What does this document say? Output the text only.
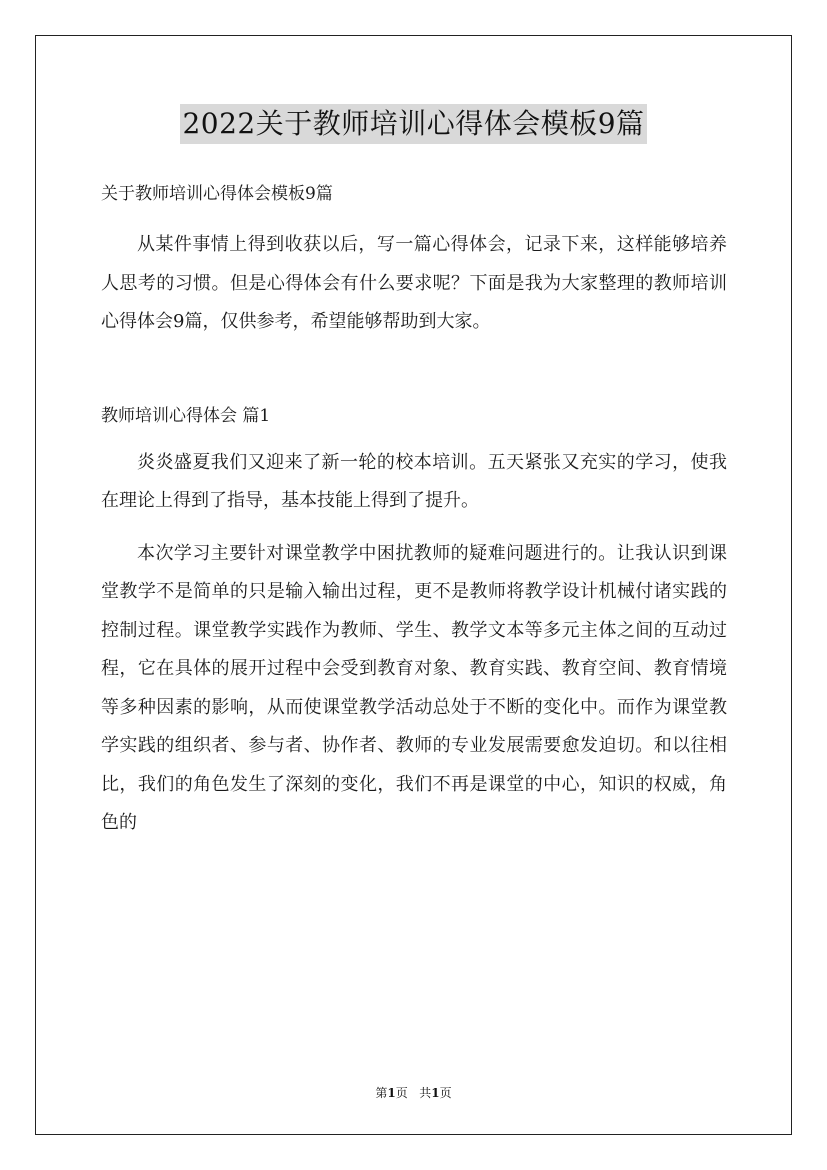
2022关于教师培训心得体会模板9篇

关于教师培训心得体会模板9篇

从某件事情上得到收获以后，写一篇心得体会，记录下来，这样能够培养人思考的习惯。但是心得体会有什么要求呢？下面是我为大家整理的教师培训心得体会9篇，仅供参考，希望能够帮助到大家。

教师培训心得体会 篇1

炎炎盛夏我们又迎来了新一轮的校本培训。五天紧张又充实的学习，使我在理论上得到了指导，基本技能上得到了提升。

本次学习主要针对课堂教学中困扰教师的疑难问题进行的。让我认识到课堂教学不是简单的只是输入输出过程，更不是教师将教学设计机械付诸实践的控制过程。课堂教学实践作为教师、学生、教学文本等多元主体之间的互动过程，它在具体的展开过程中会受到教育对象、教育实践、教育空间、教育情境等多种因素的影响，从而使课堂教学活动总处于不断的变化中。而作为课堂教学实践的组织者、参与者、协作者、教师的专业发展需要愈发迫切。和以往相比，我们的角色发生了深刻的变化，我们不再是课堂的中心，知识的权威，角色的

第1页   共1页
